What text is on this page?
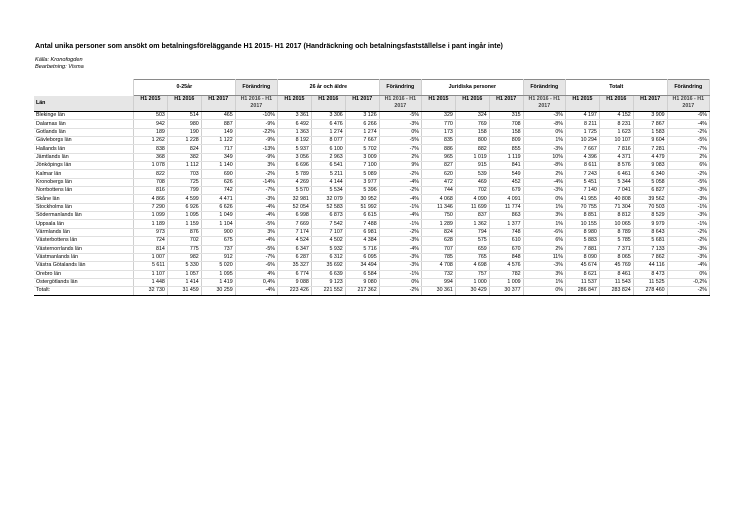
Antal unika personer som ansökt om betalningsföreläggande H1 2015- H1 2017 (Handräckning och betalningsfastställelse i pant ingår inte)
Källa: Kronofogden
Bearbetning: Visma
	0-25år			Förändring	26 år och äldre			Förändring	Juridiska personer			Förändring	Totalt			Förändring
Län	H1 2015	H1 2016	H1 2017	H1 2016 - H1 2017	H1 2015	H1 2016	H1 2017	H1 2016 - H1 2017	H1 2015	H1 2016	H1 2017	H1 2016 - H1 2017	H1 2015	H1 2016	H1 2017	H1 2016 - H1 2017
Blekinge län	503	514	465	-10%	3 361	3 306	3 126	-5%	329	324	315	-3%	4 197	4 152	3 909	-6%
Dalarnas län	942	980	887	-9%	6 492	6 476	6 266	-3%	770	769	708	-8%	8 211	8 231	7 867	-4%
Gotlands län	189	190	149	-22%	1 363	1 274	1 274	0%	173	158	158	0%	1 725	1 623	1 583	-2%
Gävleborgs län	1 262	1 228	1 122	-9%	8 192	8 077	7 667	-5%	835	800	809	1%	10 294	10 107	9 604	-5%
Hallands län	838	824	717	-13%	5 937	6 100	5 702	-7%	886	882	855	-3%	7 667	7 816	7 281	-7%
Jämtlands län	368	382	349	-9%	3 056	2 963	3 009	2%	965	1 019	1 119	10%	4 396	4 371	4 479	2%
Jönköpings län	1 078	1 112	1 140	3%	6 696	6 541	7 100	9%	827	915	841	-8%	8 611	8 576	9 083	6%
Kalmar län	822	703	690	-2%	5 789	5 211	5 089	-2%	620	539	549	2%	7 243	6 461	6 340	-2%
Kronobergs län	708	725	626	-14%	4 269	4 144	3 977	-4%	472	469	452	-4%	5 451	5 344	5 058	-5%
Norrbottens län	816	799	742	-7%	5 570	5 534	5 396	-2%	744	702	679	-3%	7 140	7 041	6 827	-3%
Skåne län	4 866	4 599	4 471	-3%	32 981	32 079	30 952	-4%	4 068	4 090	4 091	0%	41 955	40 808	39 562	-3%
Stockholms län	7 290	6 926	6 626	-4%	52 054	52 583	51 992	-1%	11 346	11 699	11 774	1%	70 755	71 304	70 503	-1%
Södermanlands län	1 099	1 095	1 049	-4%	6 998	6 873	6 615	-4%	750	837	863	3%	8 851	8 812	8 529	-3%
Uppsala län	1 189	1 159	1 104	-5%	7 669	7 542	7 488	-1%	1 289	1 362	1 377	1%	10 155	10 065	9 979	-1%
Värmlands län	973	876	900	3%	7 174	7 107	6 981	-2%	824	794	748	-6%	8 980	8 789	8 643	-2%
Västerbottens län	724	702	675	-4%	4 524	4 502	4 384	-3%	628	575	610	6%	5 883	5 785	5 681	-2%
Västernorrlands län	814	775	737	-5%	6 347	5 932	5 716	-4%	707	659	670	2%	7 881	7 371	7 133	-3%
Västmanlands län	1 007	982	912	-7%	6 287	6 312	6 095	-3%	785	765	848	11%	8 090	8 065	7 862	-3%
Västra Götalands län	5 611	5 330	5 020	-6%	35 327	35 692	34 494	-3%	4 708	4 698	4 576	-3%	45 674	45 769	44 116	-4%
Örebro län	1 107	1 057	1 095	4%	6 774	6 639	6 584	-1%	732	757	782	3%	8 621	8 461	8 473	0%
Östergötlands län	1 448	1 414	1 419	0,4%	9 088	9 123	9 080	0%	994	1 000	1 009	1%	11 537	11 543	11 525	-0,2%
Totalt:	32 730	31 459	30 259	-4%	223 426	221 552	217 362	-2%	30 361	30 429	30 377	0%	286 847	283 824	278 460	-2%
